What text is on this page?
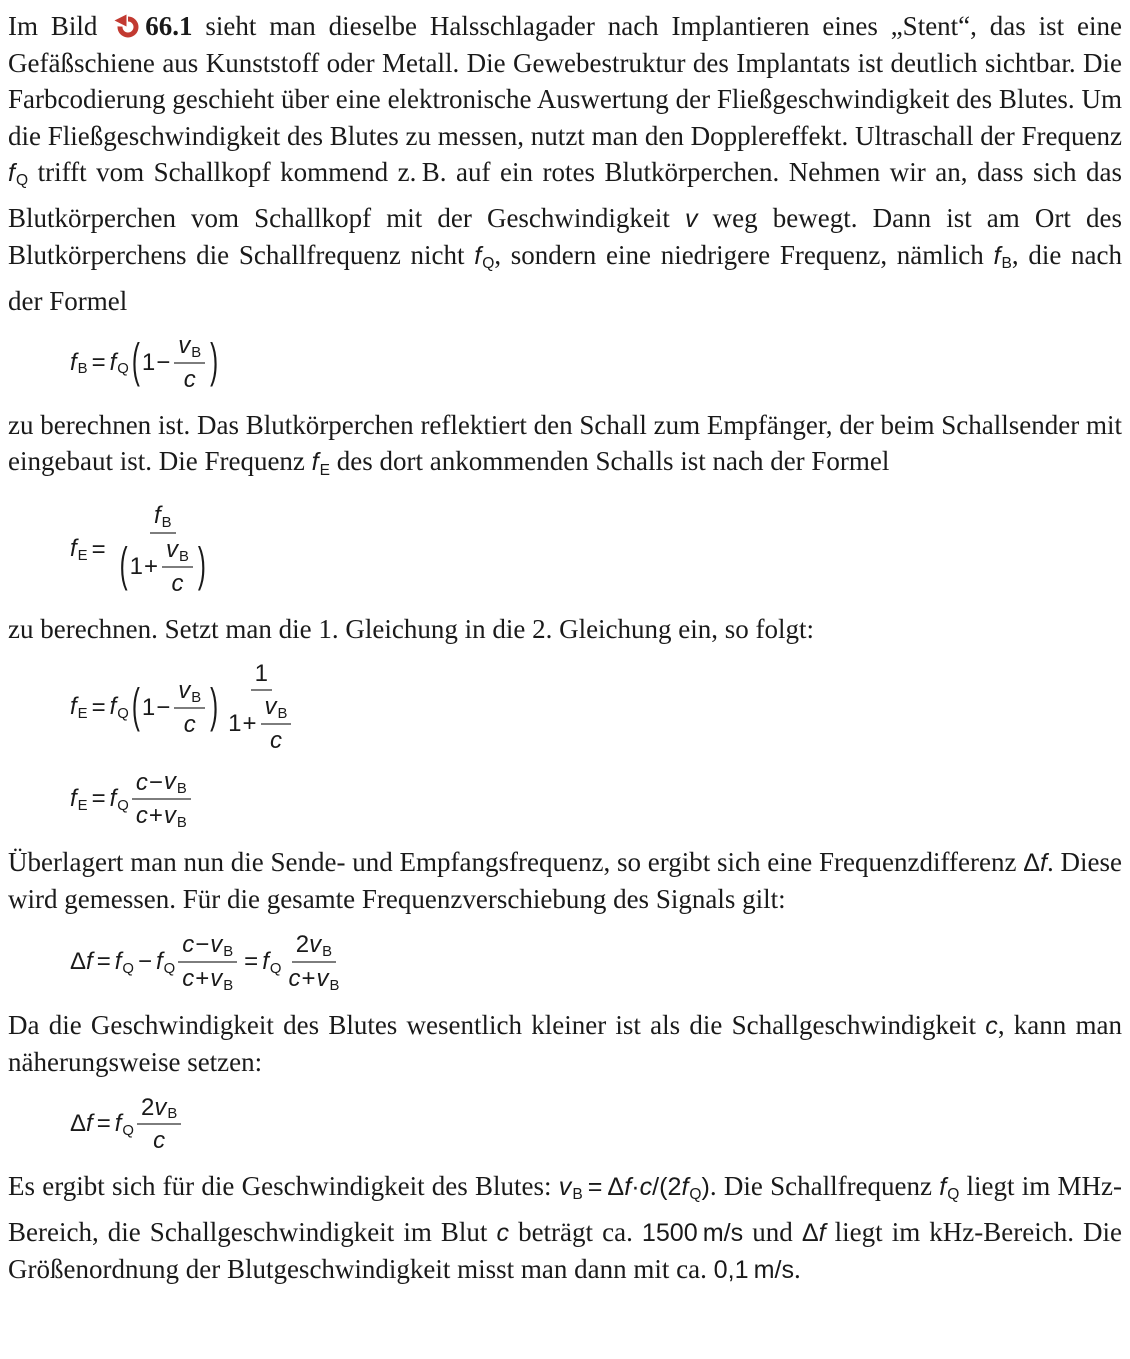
Im Bild
66.1 sieht man dieselbe Halsschlagader nach Implantieren eines „Stent“, das ist eine Gefäßschiene aus Kunststoff oder Metall. Die Gewebestruktur des Implantats ist deutlich sichtbar. Die Farbcodierung geschieht über eine elektronische Auswertung der Fließgeschwindigkeit des Blutes. Um die Fließgeschwindigkeit des Blutes zu messen, nutzt man den Dopplereffekt. Ultraschall der Frequenz fQ trifft vom Schallkopf kommend z. B. auf ein rotes Blutkörperchen. Nehmen wir an, dass sich das Blutkörperchen vom Schallkopf mit der Geschwindigkeit v weg bewegt. Dann ist am Ort des Blutkörperchens die Schallfrequenz nicht fQ, sondern eine niedrigere Frequenz, nämlich fB, die nach der Formel

fB = fQ ( $1 - \frac{vB}{c}$ )

zu berechnen ist. Das Blutkörperchen reflektiert den Schall zum Empfänger, der beim Schallsender mit eingebaut ist. Die Frequenz fE des dort ankommenden Schalls ist nach der Formel

fE =
fB
( $1 + \frac{vB}{c}$ )

zu berechnen. Setzt man die 1. Gleichung in die 2. Gleichung ein, so folgt:

fE = fQ ( $1 - \frac{vB}{c}$ )
1
$1 + \frac{vB}{c}$
fE = fQ $\frac{c - vB}{c + vB}$

Überlagert man nun die Sende- und Empfangsfrequenz, so ergibt sich eine Frequenzdifferenz Δf. Diese wird gemessen. Für die gesamte Frequenzverschiebung des Signals gilt:

Δ f = fQ − fQ $\frac{c - vB}{c + vB}$ = fQ $\frac{2 vB}{c + vB}$

Da die Geschwindigkeit des Blutes wesentlich kleiner ist als die Schallgeschwindigkeit c, kann man näherungsweise setzen:

Δ f = fQ $\frac{2 vB}{c}$

Es ergibt sich für die Geschwindigkeit des Blutes: vB = Δf·c/(2fQ). Die Schallfrequenz fQ liegt im MHz-Bereich, die Schallgeschwindigkeit im Blut c beträgt ca. 1500 m/s und Δf liegt im kHz-Bereich. Die Größenordnung der Blutgeschwindigkeit misst man dann mit ca. 0,1 m/s.
